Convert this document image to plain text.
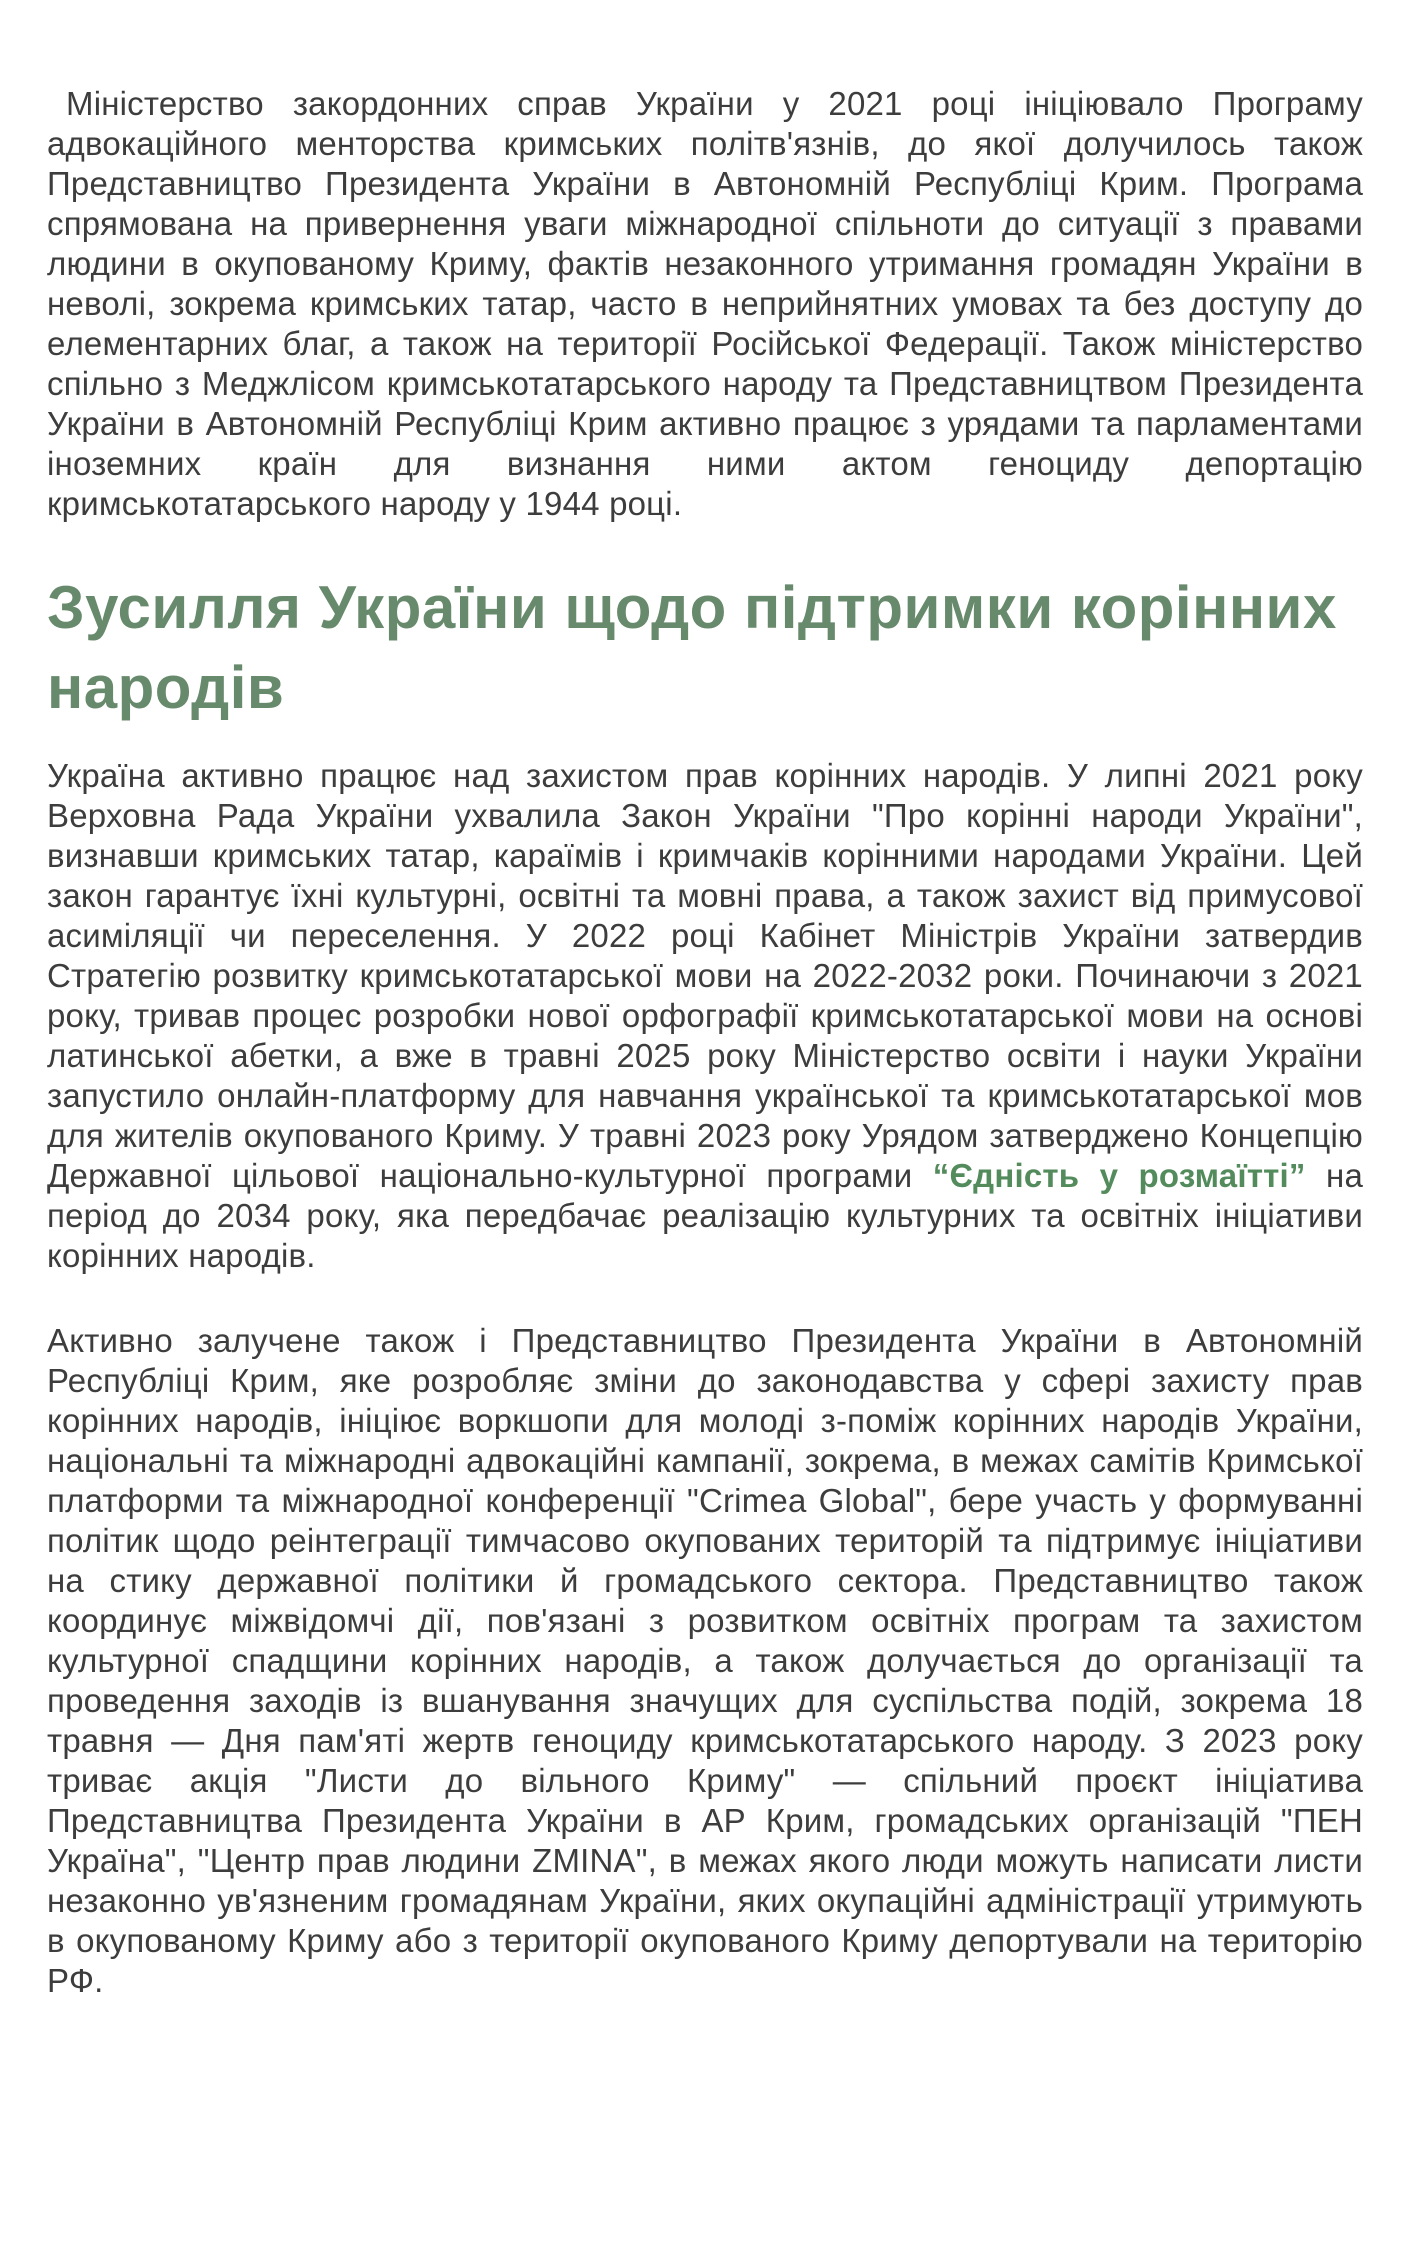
Міністерство закордонних справ України у 2021 році ініціювало Програму адвокаційного менторства кримських політв'язнів, до якої долучилось також Представництво Президента України в Автономній Республіці Крим. Програма спрямована на привернення уваги міжнародної спільноти до ситуації з правами людини в окупованому Криму, фактів незаконного утримання громадян України в неволі, зокрема кримських татар, часто в неприйнятних умовах та без доступу до елементарних благ, а також на території Російської Федерації. Також міністерство спільно з Меджлісом кримськотатарського народу та Представництвом Президента України в Автономній Республіці Крим активно працює з урядами та парламентами іноземних країн для визнання ними актом геноциду депортацію кримськотатарського народу у 1944 році.

Зусилля України щодо підтримки корінних народів

Україна активно працює над захистом прав корінних народів. У липні 2021 року Верховна Рада України ухвалила Закон України "Про корінні народи України", визнавши кримських татар, караїмів і кримчаків корінними народами України. Цей закон гарантує їхні культурні, освітні та мовні права, а також захист від примусової асиміляції чи переселення. У 2022 році Кабінет Міністрів України затвердив Стратегію розвитку кримськотатарської мови на 2022-2032 роки. Починаючи з 2021 року, тривав процес розробки нової орфографії кримськотатарської мови на основі латинської абетки, а вже в травні 2025 року Міністерство освіти і науки України запустило онлайн-платформу для навчання української та кримськотатарської мов для жителів окупованого Криму. У травні 2023 року Урядом затверджено Концепцію Державної цільової національно-культурної програми “Єдність у розмаїтті” на період до 2034 року, яка передбачає реалізацію культурних та освітніх ініціативи корінних народів.

Активно залучене також і Представництво Президента України в Автономній Республіці Крим, яке розробляє зміни до законодавства у сфері захисту прав корінних народів, ініціює воркшопи для молоді з-поміж корінних народів України, національні та міжнародні адвокаційні кампанії, зокрема, в межах самітів Кримської платформи та міжнародної конференції "Crimea Global", бере участь у формуванні політик щодо реінтеграції тимчасово окупованих територій та підтримує ініціативи на стику державної політики й громадського сектора. Представництво також координує міжвідомчі дії, пов'язані з розвитком освітніх програм та захистом культурної спадщини корінних народів, а також долучається до організації та проведення заходів із вшанування значущих для суспільства подій, зокрема 18 травня — Дня пам'яті жертв геноциду кримськотатарського народу. З 2023 року триває акція "Листи до вільного Криму" — спільний проєкт ініціатива Представництва Президента України в АР Крим, громадських організацій "ПЕН Україна", "Центр прав людини ZMINA", в межах якого люди можуть написати листи незаконно ув'язненим громадянам України, яких окупаційні адміністрації утримують в окупованому Криму або з території окупованого Криму депортували на територію РФ.
